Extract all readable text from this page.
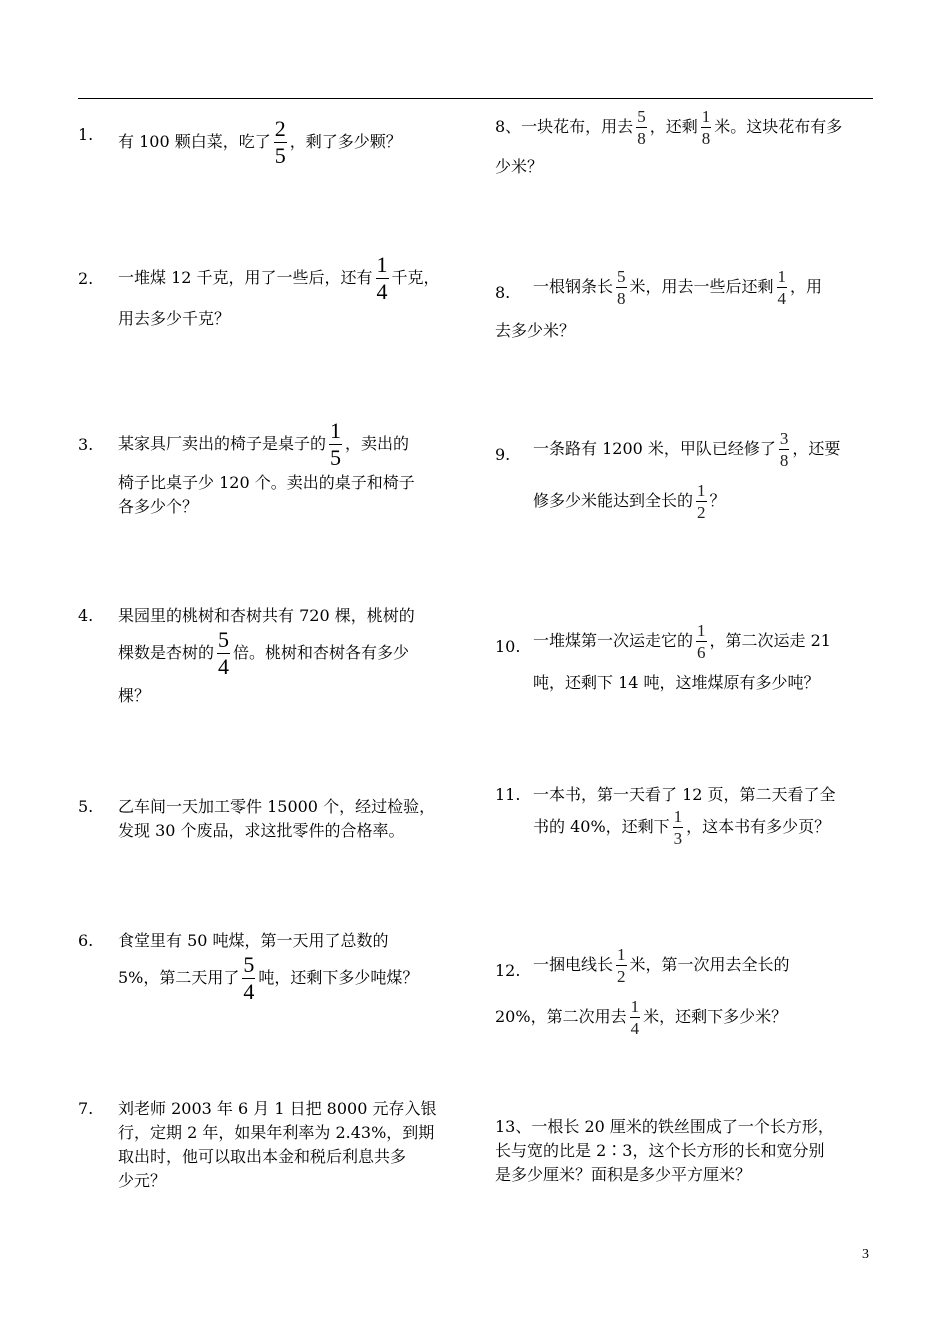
1. 有 100 颗白菜，吃了 $\frac{2}{5}$ ，剩了多少颗？
2. 一堆煤 12 千克，用了一些后，还有 $\frac{1}{4}$ 千克，
用去多少千克？
3. 某家具厂卖出的椅子是桌子的 $\frac{1}{5}$ ，卖出的
椅子比桌子少 120 个。卖出的桌子和椅子
各多少个？
4. 果园里的桃树和杏树共有 720 棵，桃树的
棵数是杏树的 $\frac{5}{4}$ 倍。桃树和杏树各有多少
棵？
5. 乙车间一天加工零件 15000 个，经过检验，
发现 30 个废品，求这批零件的合格率。
6. 食堂里有 50 吨煤，第一天用了总数的
5%，第二天用了 $\frac{5}{4}$ 吨，还剩下多少吨煤？
7. 刘老师 2003 年 6 月 1 日把 8000 元存入银
行，定期 2 年，如果年利率为 2.43%，到期
取出时，他可以取出本金和税后利息共多
少元？
8、一块花布，用去 $\frac{5}{8}$ ，还剩 $\frac{1}{8}$ 米。这块花布有多
少米？
8. 一根钢条长 $\frac{5}{8}$ 米，用去一些后还剩 $\frac{1}{4}$ ，用
去多少米？
9. 一条路有 1200 米，甲队已经修了 $\frac{3}{8}$ ，还要
修多少米能达到全长的 $\frac{1}{2}$ ？
10. 一堆煤第一次运走它的 $\frac{1}{6}$ ，第二次运走 21
吨，还剩下 14 吨，这堆煤原有多少吨？
11. 一本书，第一天看了 12 页，第二天看了全
书的 40%，还剩下 $\frac{1}{3}$ ，这本书有多少页？
12. 一捆电线长 $\frac{1}{2}$ 米，第一次用去全长的
20%，第二次用去 $\frac{1}{4}$ 米，还剩下多少米？
13、一根长 20 厘米的铁丝围成了一个长方形，
长与宽的比是 2∶3，这个长方形的长和宽分别
是多少厘米？面积是多少平方厘米？
3
